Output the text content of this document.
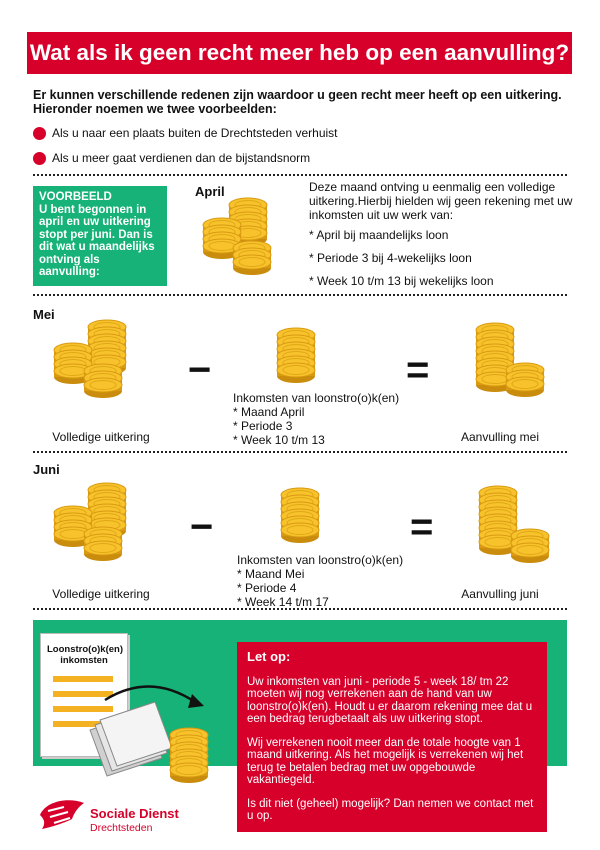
Wat als ik geen recht meer heb op een aanvulling?
Er kunnen verschillende redenen zijn waardoor u geen recht meer heeft op een uitkering. Hieronder noemen we twee voorbeelden:
Als u naar een plaats buiten de Drechtsteden verhuist
Als u meer gaat verdienen dan de bijstandsnorm
VOORBEELD
U bent begonnen in april en uw uitkering stopt per juni. Dan is dit wat u maandelijks ontving als aanvulling:
April	Deze maand ontving u eenmalig een volledige uitkering.Hierbij hielden wij geen rekening met uw inkomsten uit uw werk van:
* April bij maandelijks loon
* Periode 3 bij 4-wekelijks loon
* Week 10 t/m 13 bij wekelijks loon
Mei
−
Inkomsten van loonstro(o)k(en)
* Maand April
* Periode 3
* Week 10 t/m 13
=
Volledige uitkering	Aanvulling mei
Juni
−
Inkomsten van loonstro(o)k(en)
* Maand Mei
* Periode 4
* Week 14 t/m 17
=
Volledige uitkering	Aanvulling juni
Loonstro(o)k(en) inkomsten	Let op:

Uw inkomsten van juni - periode 5 - week 18/ tm 22 moeten wij nog verrekenen aan de hand van uw loonstro(o)k(en). Houdt u er daarom rekening mee dat u een bedrag terugbetaalt als uw uitkering stopt.

Wij verrekenen nooit meer dan de totale hoogte van 1 maand uitkering. Als het mogelijk is verrekenen wij het terug te betalen bedrag met uw opgebouwde vakantiegeld.

Is dit niet (geheel) mogelijk? Dan nemen we contact met u op.

Sociale Dienst
Drechtsteden
